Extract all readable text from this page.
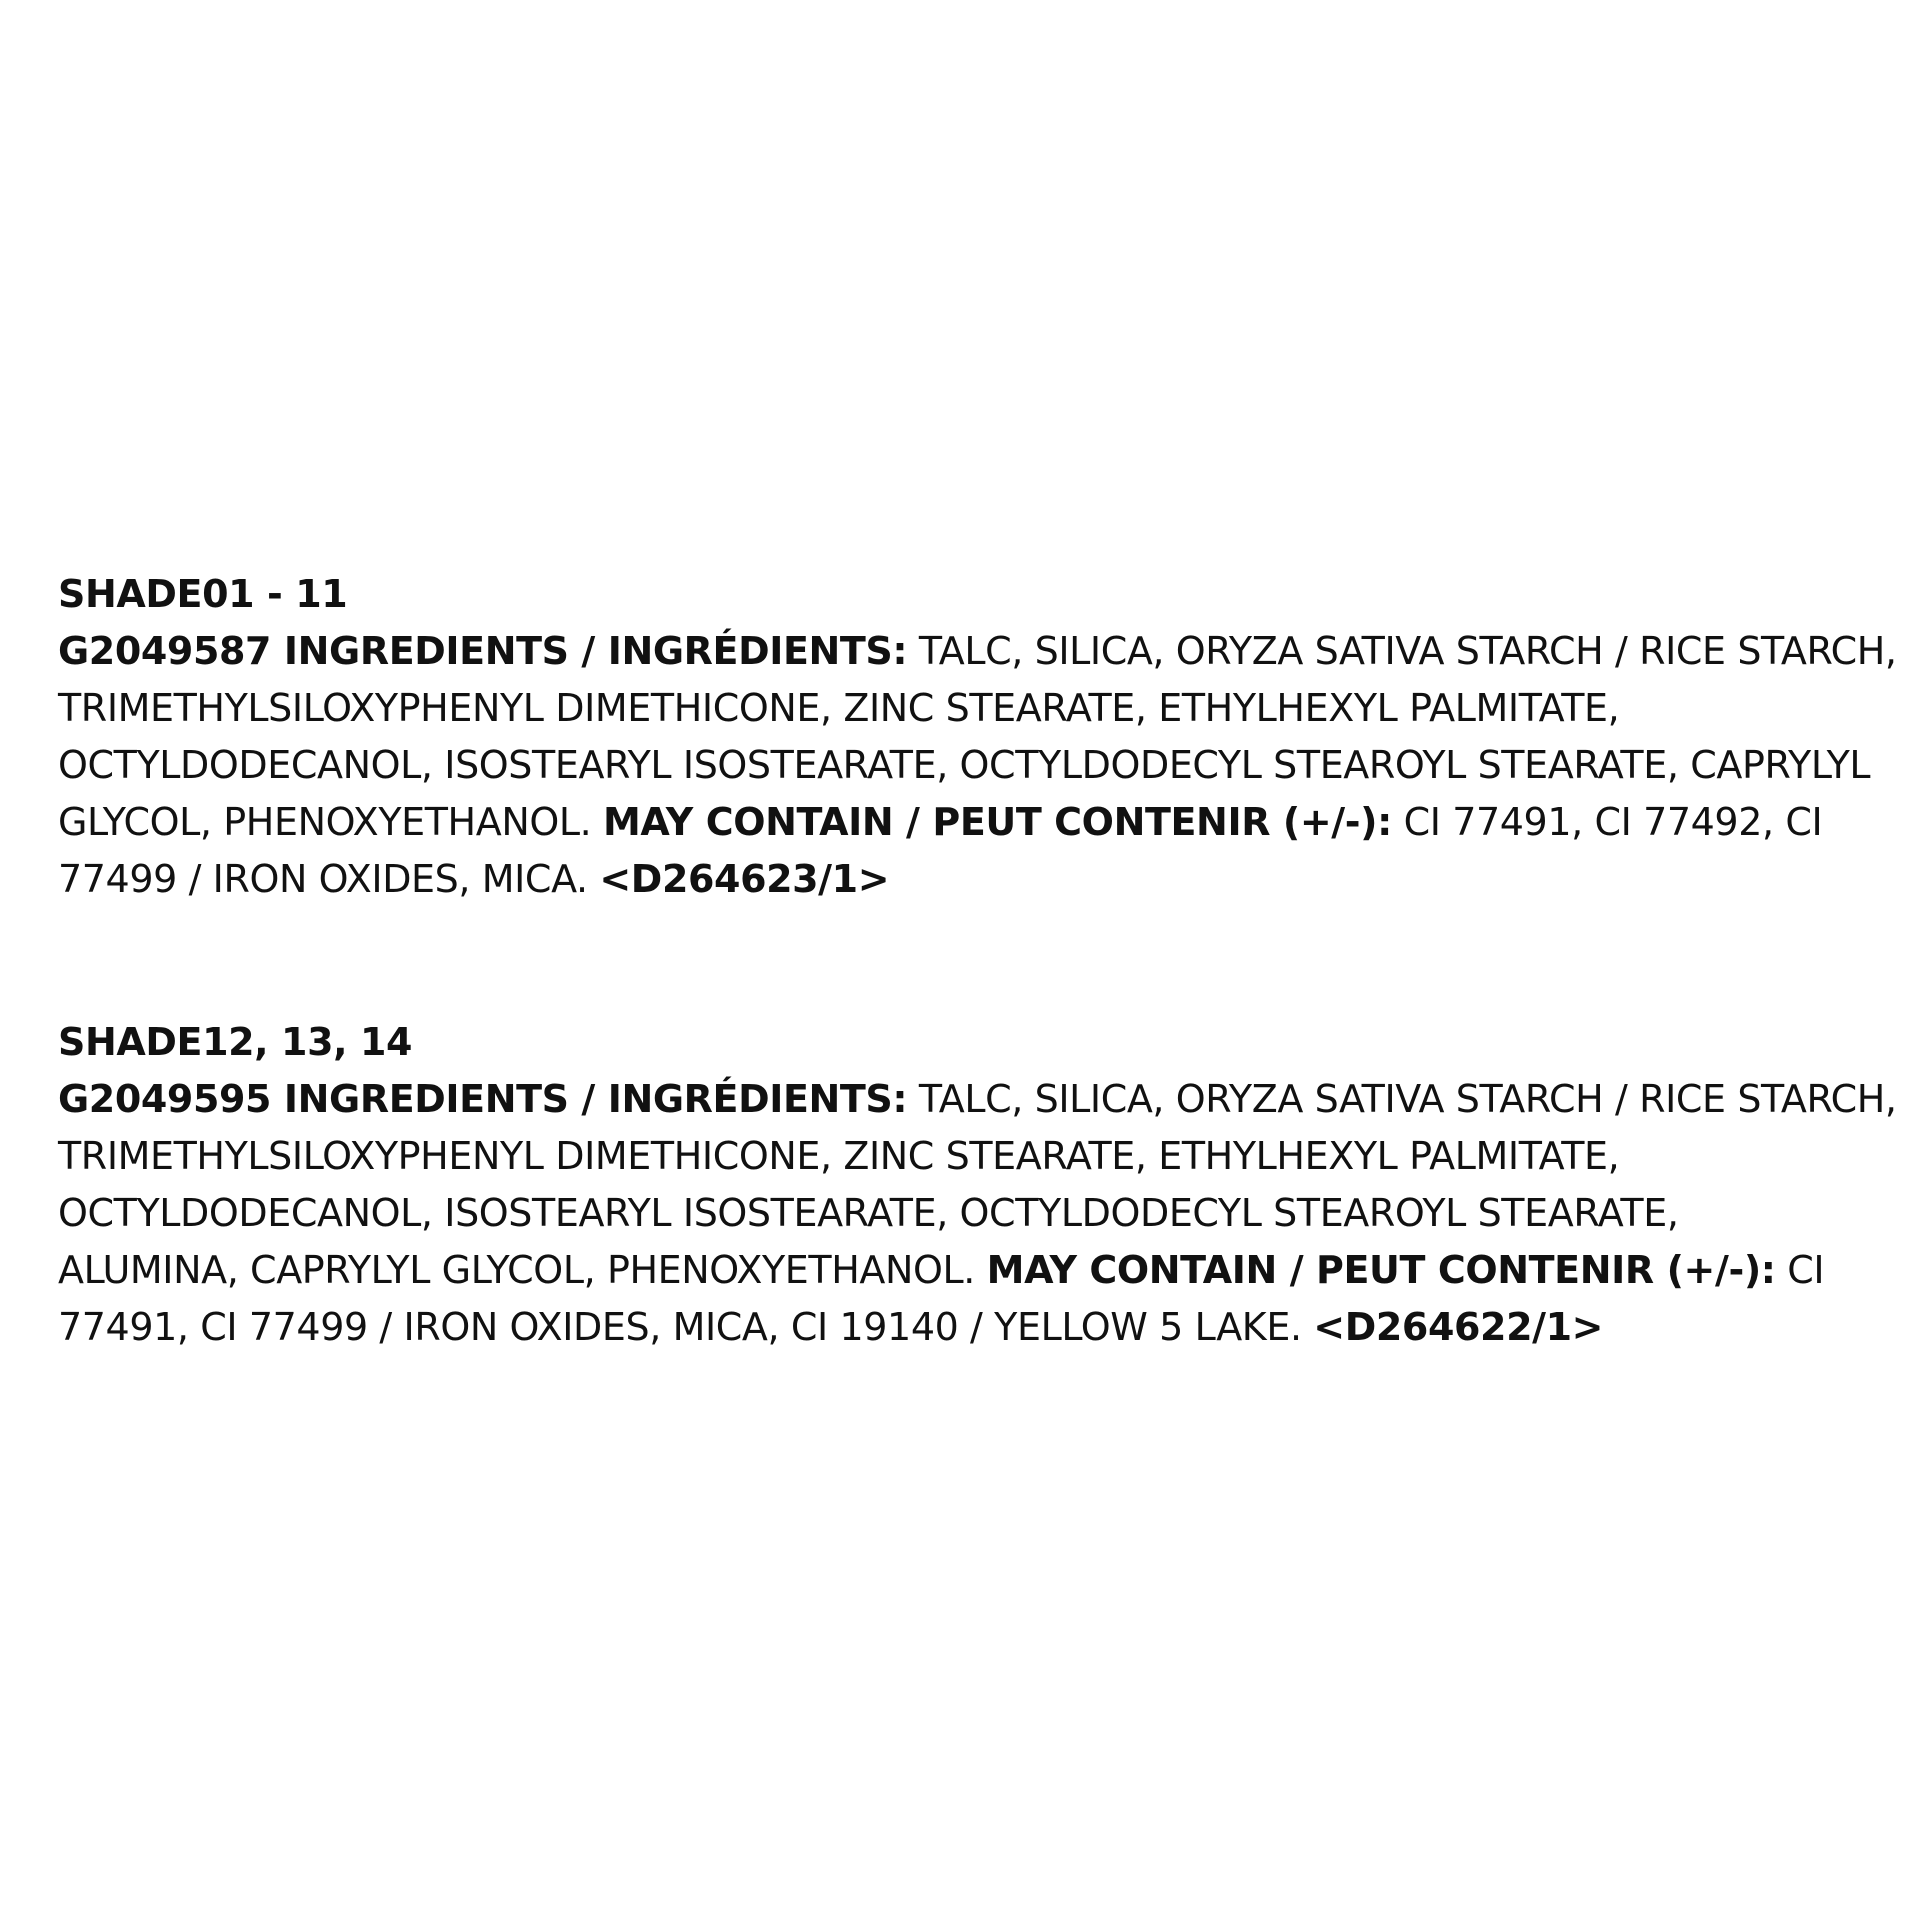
SHADE01 - 11
G2049587 INGREDIENTS / INGRÉDIENTS: TALC, SILICA, ORYZA SATIVA STARCH / RICE STARCH,
TRIMETHYLSILOXYPHENYL DIMETHICONE, ZINC STEARATE, ETHYLHEXYL PALMITATE,
OCTYLDODECANOL, ISOSTEARYL ISOSTEARATE, OCTYLDODECYL STEAROYL STEARATE, CAPRYLYL
GLYCOL, PHENOXYETHANOL. MAY CONTAIN / PEUT CONTENIR (+/-): CI 77491, CI 77492, CI
77499 / IRON OXIDES, MICA. <D264623/1>
SHADE12, 13, 14
G2049595 INGREDIENTS / INGRÉDIENTS: TALC, SILICA, ORYZA SATIVA STARCH / RICE STARCH,
TRIMETHYLSILOXYPHENYL DIMETHICONE, ZINC STEARATE, ETHYLHEXYL PALMITATE,
OCTYLDODECANOL, ISOSTEARYL ISOSTEARATE, OCTYLDODECYL STEAROYL STEARATE,
ALUMINA, CAPRYLYL GLYCOL, PHENOXYETHANOL. MAY CONTAIN / PEUT CONTENIR (+/-): CI
77491, CI 77499 / IRON OXIDES, MICA, CI 19140 / YELLOW 5 LAKE. <D264622/1>
